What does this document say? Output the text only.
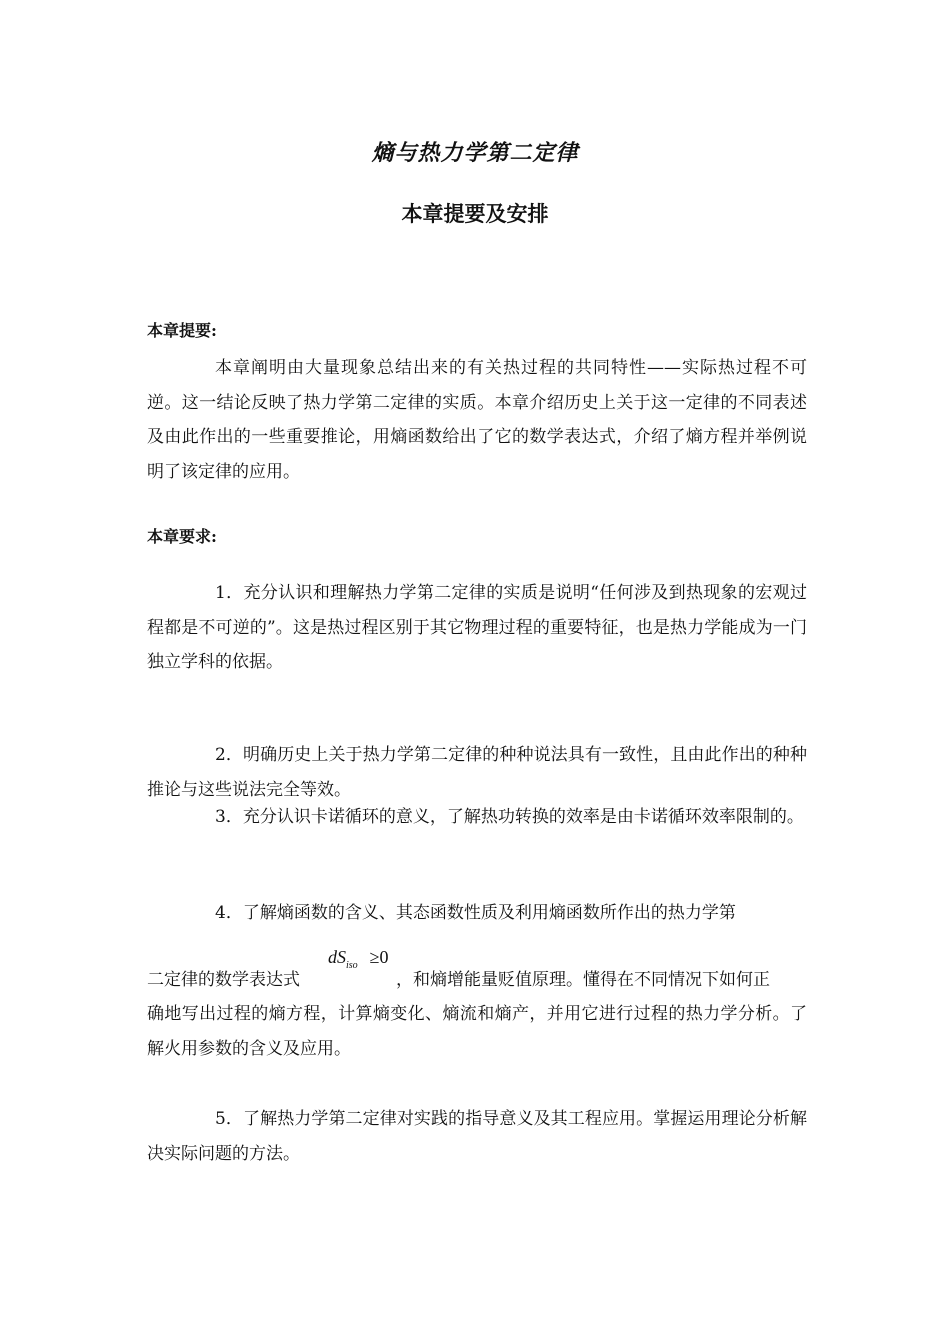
熵与热力学第二定律
本章提要及安排
本章提要:

本章阐明由大量现象总结出来的有关热过程的共同特性——实际热过程不可逆。这一结论反映了热力学第二定律的实质。本章介绍历史上关于这一定律的不同表述及由此作出的一些重要推论，用熵函数给出了它的数学表达式，介绍了熵方程并举例说明了该定律的应用。

本章要求:

1．充分认识和理解热力学第二定律的实质是说明“任何涉及到热现象的宏观过程都是不可逆的”。这是热过程区别于其它物理过程的重要特征，也是热力学能成为一门独立学科的依据。

2．明确历史上关于热力学第二定律的种种说法具有一致性，且由此作出的种种推论与这些说法完全等效。

3．充分认识卡诺循环的意义，了解热功转换的效率是由卡诺循环效率限制的。

4．了解熵函数的含义、其态函数性质及利用熵函数所作出的热力学第

$dS_{iso} \ge 0$
二定律的数学表达式	，和熵增能量贬值原理。懂得在不同情况下如何正

确地写出过程的熵方程，计算熵变化、熵流和熵产，并用它进行过程的热力学分析。了解火用参数的含义及应用。

5．了解热力学第二定律对实践的指导意义及其工程应用。掌握运用理论分析解决实际问题的方法。
